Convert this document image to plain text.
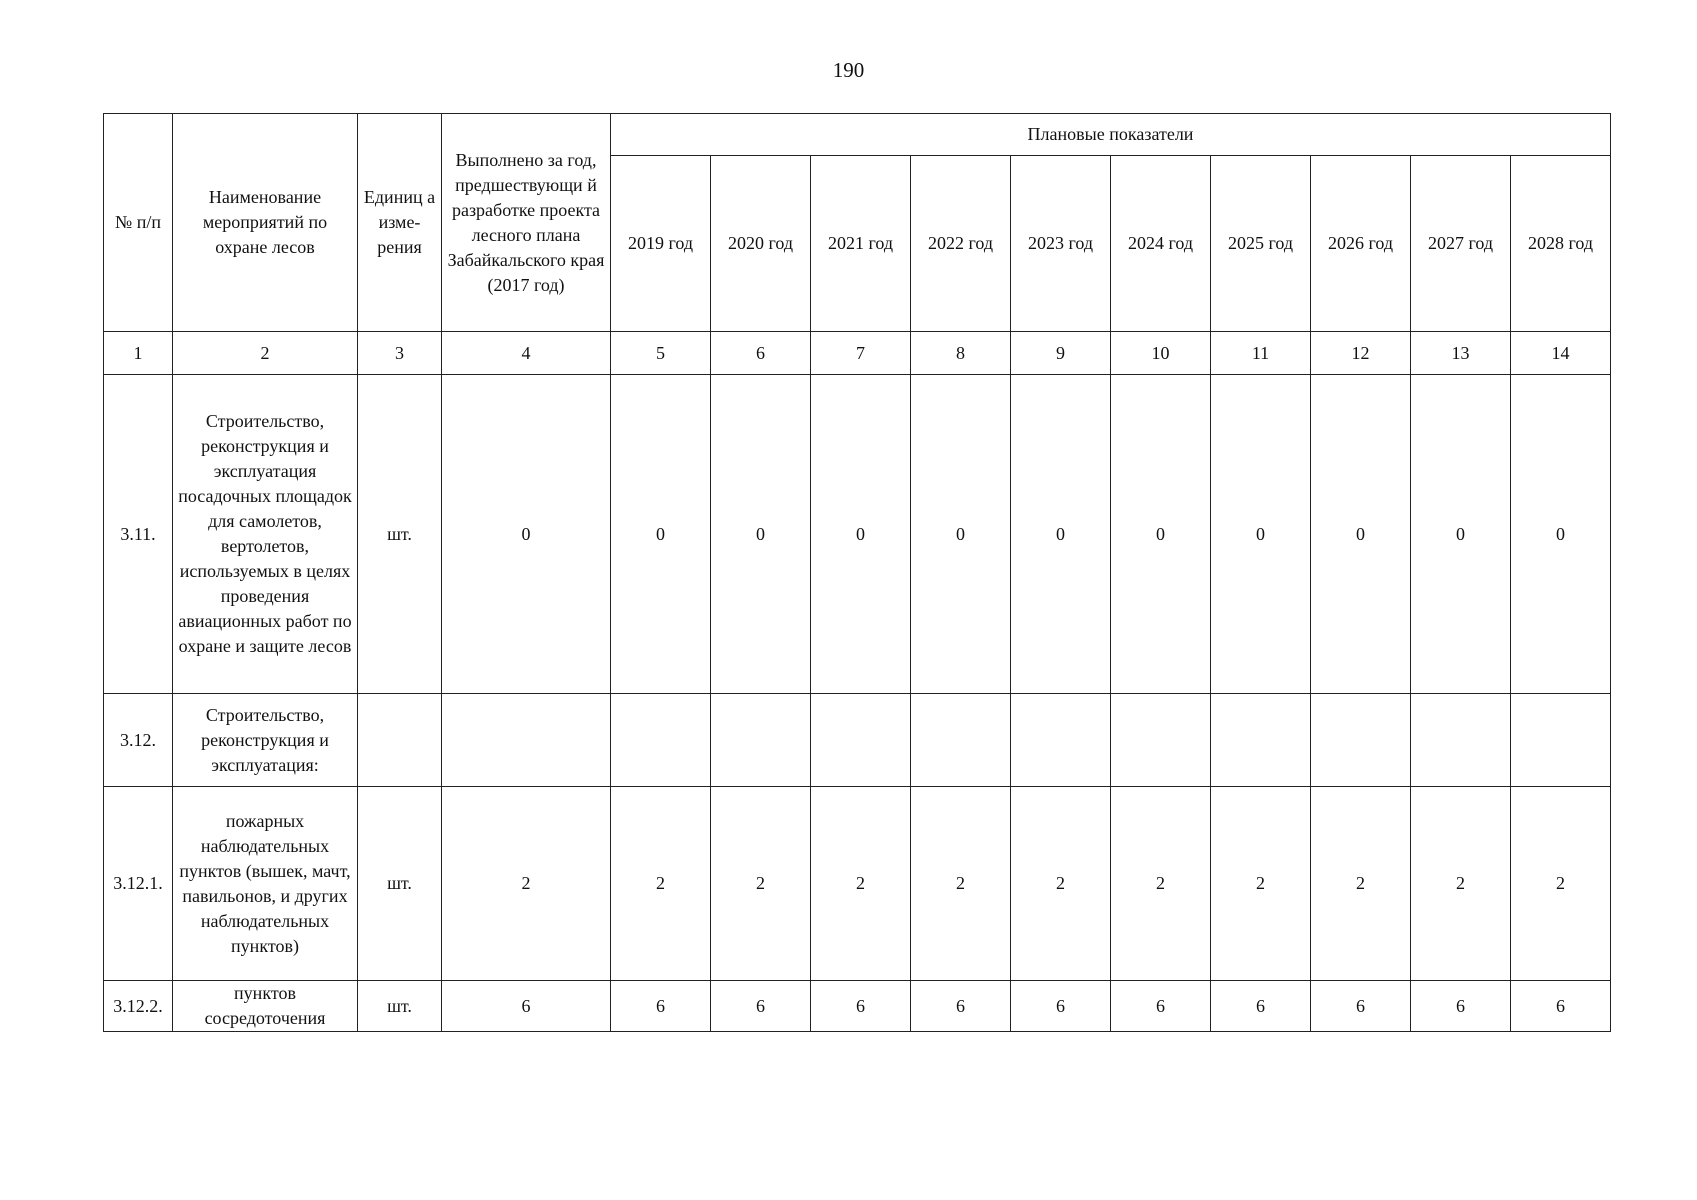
190
№ п/п	Наименование мероприятий по охране лесов	Единиц а изме- рения	Выполнено за год, предшествующи й разработке проекта лесного плана Забайкальского края (2017 год)	Плановые показатели									
				2019 год	2020 год	2021 год	2022 год	2023 год	2024 год	2025 год	2026 год	2027 год	2028 год
1	2	3	4	5	6	7	8	9	10	11	12	13	14
3.11.	Строительство, реконструкция и эксплуатация посадочных площадок для самолетов, вертолетов, используемых в целях проведения авиационных работ по охране и защите лесов	шт.	0	0	0	0	0	0	0	0	0	0	0
3.12.	Строительство, реконструкция и эксплуатация:												
3.12.1.	пожарных наблюдательных пунктов (вышек, мачт, павильонов, и других наблюдательных пунктов)	шт.	2	2	2	2	2	2	2	2	2	2	2
3.12.2.	пунктов сосредоточения	шт.	6	6	6	6	6	6	6	6	6	6	6
